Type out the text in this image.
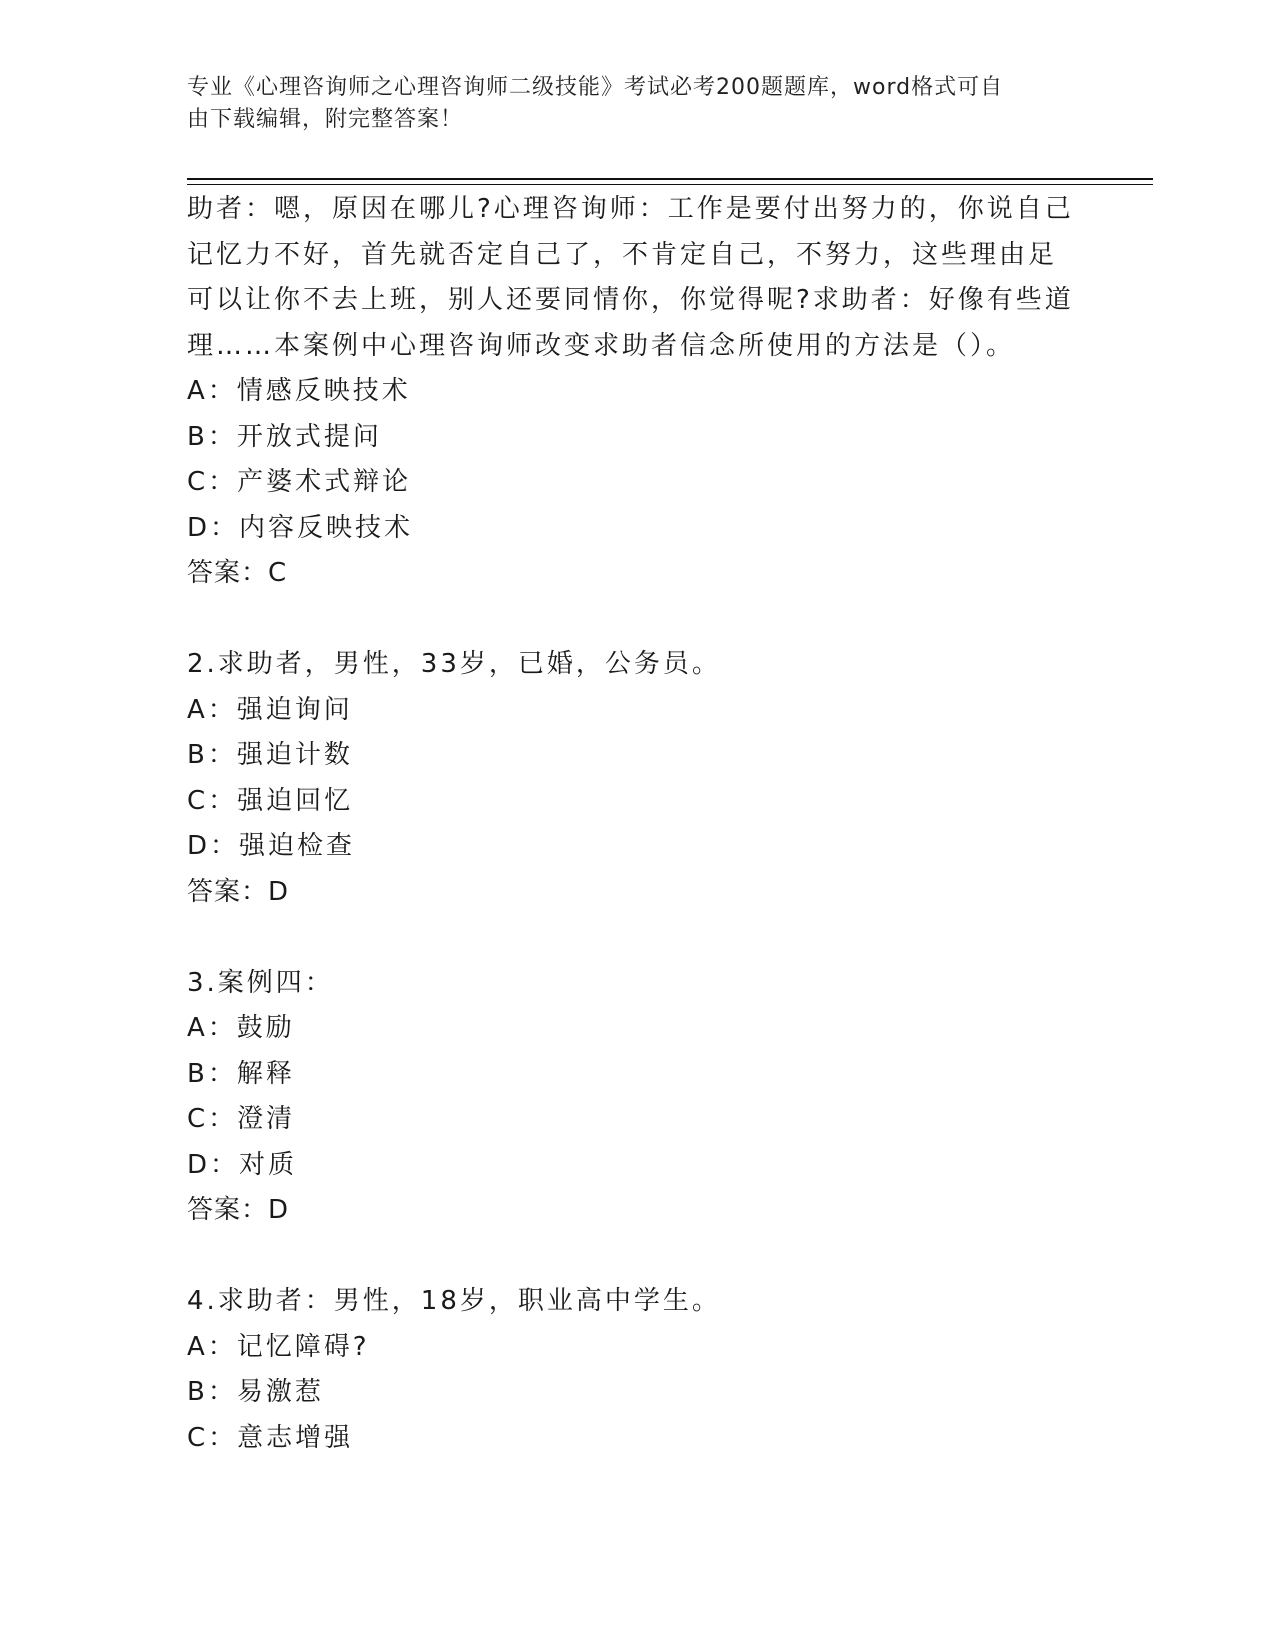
专业《心理咨询师之心理咨询师二级技能》考试必考200题题库，word格式可自
由下载编辑，附完整答案！
助者：嗯，原因在哪儿?心理咨询师：工作是要付出努力的，你说自己
记忆力不好，首先就否定自己了，不肯定自己，不努力，这些理由足
可以让你不去上班，别人还要同情你，你觉得呢?求助者：好像有些道
理……本案例中心理咨询师改变求助者信念所使用的方法是（）。
A：情感反映技术
B：开放式提问
C：产婆术式辩论
D：内容反映技术
答案：C
2.求助者，男性，33岁，已婚，公务员。
A：强迫询问
B：强迫计数
C：强迫回忆
D：强迫检查
答案：D
3.案例四：
A：鼓励
B：解释
C：澄清
D：对质
答案：D
4.求助者：男性，18岁，职业高中学生。
A：记忆障碍?
B：易激惹
C：意志增强
